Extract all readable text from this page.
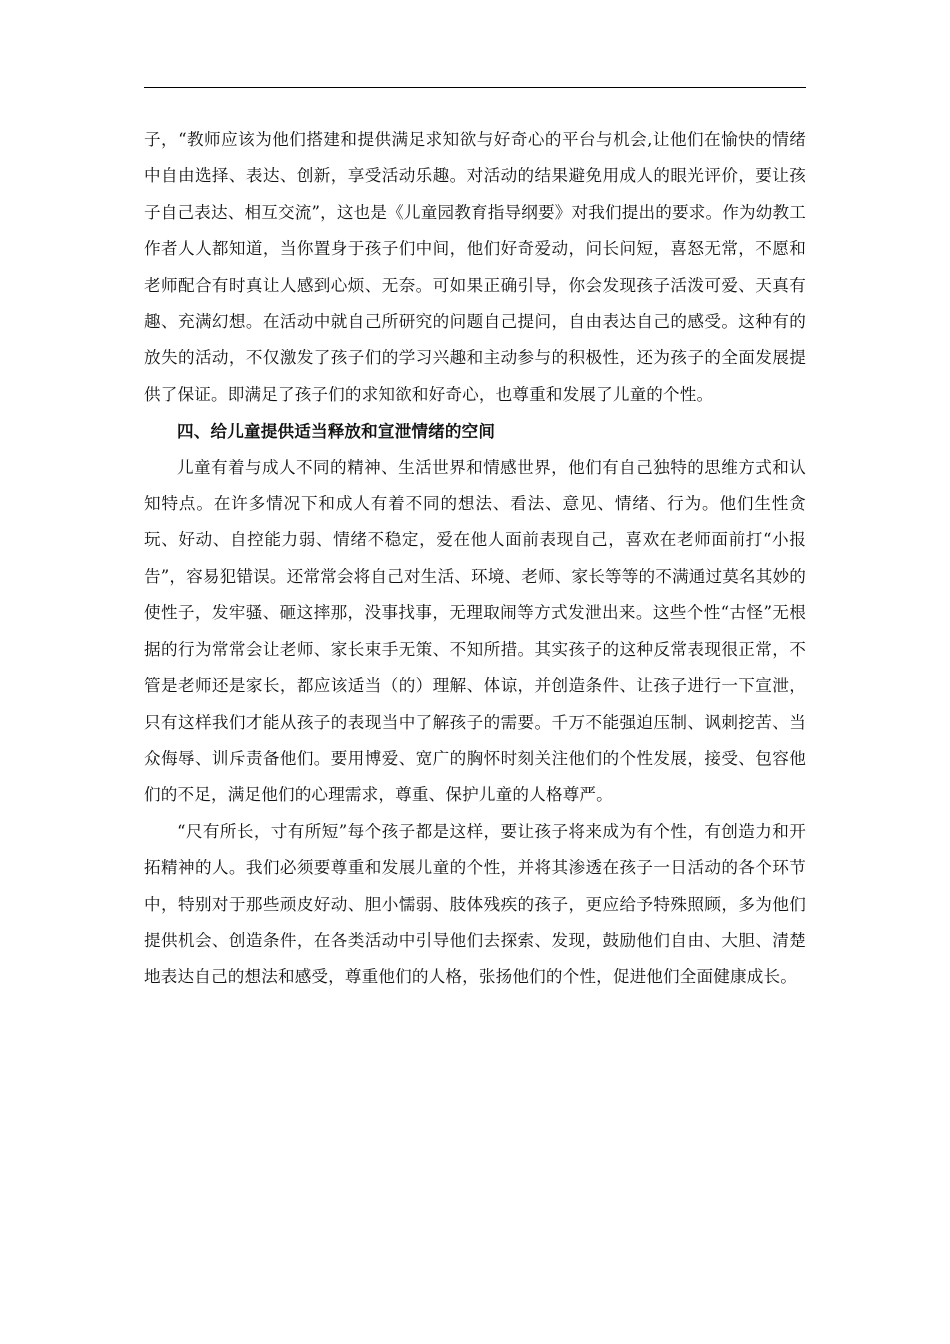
子，“教师应该为他们搭建和提供满足求知欲与好奇心的平台与机会,让他们在愉快的情绪中自由选择、表达、创新，享受活动乐趣。对活动的结果避免用成人的眼光评价，要让孩子自己表达、相互交流”，这也是《儿童园教育指导纲要》对我们提出的要求。作为幼教工作者人人都知道，当你置身于孩子们中间，他们好奇爱动，问长问短，喜怒无常，不愿和老师配合有时真让人感到心烦、无奈。可如果正确引导，你会发现孩子活泼可爱、天真有趣、充满幻想。在活动中就自己所研究的问题自己提问，自由表达自己的感受。这种有的放失的活动，不仅激发了孩子们的学习兴趣和主动参与的积极性，还为孩子的全面发展提供了保证。即满足了孩子们的求知欲和好奇心，也尊重和发展了儿童的个性。

四、给儿童提供适当释放和宣泄情绪的空间

儿童有着与成人不同的精神、生活世界和情感世界，他们有自己独特的思维方式和认知特点。在许多情况下和成人有着不同的想法、看法、意见、情绪、行为。他们生性贪玩、好动、自控能力弱、情绪不稳定，爱在他人面前表现自己，喜欢在老师面前打“小报告”，容易犯错误。还常常会将自己对生活、环境、老师、家长等等的不满通过莫名其妙的使性子，发牢骚、砸这摔那，没事找事，无理取闹等方式发泄出来。这些个性“古怪”无根据的行为常常会让老师、家长束手无策、不知所措。其实孩子的这种反常表现很正常，不管是老师还是家长，都应该适当（的）理解、体谅，并创造条件、让孩子进行一下宣泄，只有这样我们才能从孩子的表现当中了解孩子的需要。千万不能强迫压制、讽刺挖苦、当众侮辱、训斥责备他们。要用博爱、宽广的胸怀时刻关注他们的个性发展，接受、包容他们的不足，满足他们的心理需求，尊重、保护儿童的人格尊严。

“尺有所长，寸有所短”每个孩子都是这样，要让孩子将来成为有个性，有创造力和开拓精神的人。我们必须要尊重和发展儿童的个性，并将其渗透在孩子一日活动的各个环节中，特别对于那些顽皮好动、胆小懦弱、肢体残疾的孩子，更应给予特殊照顾，多为他们提供机会、创造条件，在各类活动中引导他们去探索、发现，鼓励他们自由、大胆、清楚地表达自己的想法和感受，尊重他们的人格，张扬他们的个性，促进他们全面健康成长。
